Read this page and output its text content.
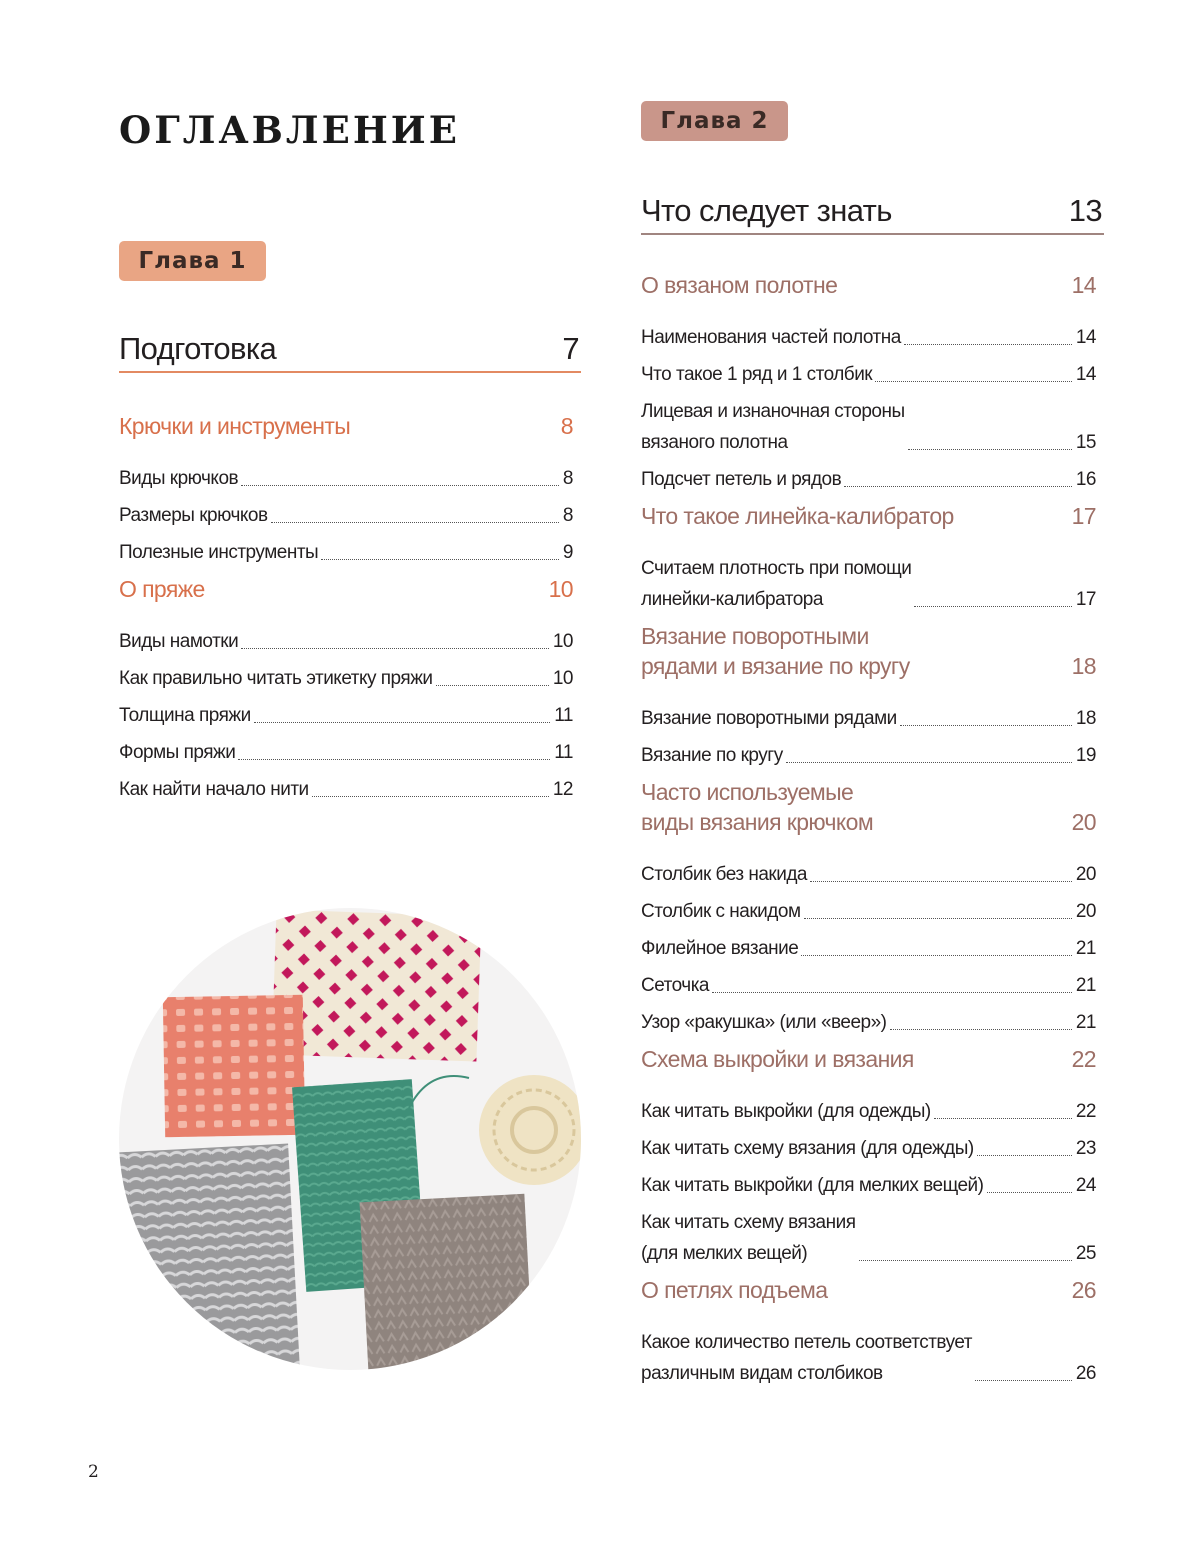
ОГЛАВЛЕНИЕ
Глава 1
Глава 2
Подготовка	7
Крючки и инструменты	8
Виды крючков	8
Размеры крючков	8
Полезные инструменты	9
О пряже	10
Виды намотки	10
Как правильно читать этикетку пряжи	10
Толщина пряжи	11
Формы пряжи	11
Как найти начало нити	12
Что следует знать	13
О вязаном полотне	14
Наименования частей полотна	14
Что такое 1 ряд и 1 столбик	14
Лицевая и изнаночная стороны
вязаного полотна	15
Подсчет петель и рядов	16
Что такое линейка-калибратор	17
Считаем плотность при помощи
линейки-калибратора	17
Вязание поворотными
рядами и вязание по кругу	18
Вязание поворотными рядами	18
Вязание по кругу	19
Часто используемые
виды вязания крючком	20
Столбик без накида	20
Столбик с накидом	20
Филейное вязание	21
Сеточка	21
Узор «ракушка» (или «веер»)	21
Схема выкройки и вязания	22
Как читать выкройки (для одежды)	22
Как читать схему вязания (для одежды)	23
Как читать выкройки (для мелких вещей)	24
Как читать схему вязания
(для мелких вещей)	25
О петлях подъема	26
Какое количество петель соответствует
различным видам столбиков	26
2
